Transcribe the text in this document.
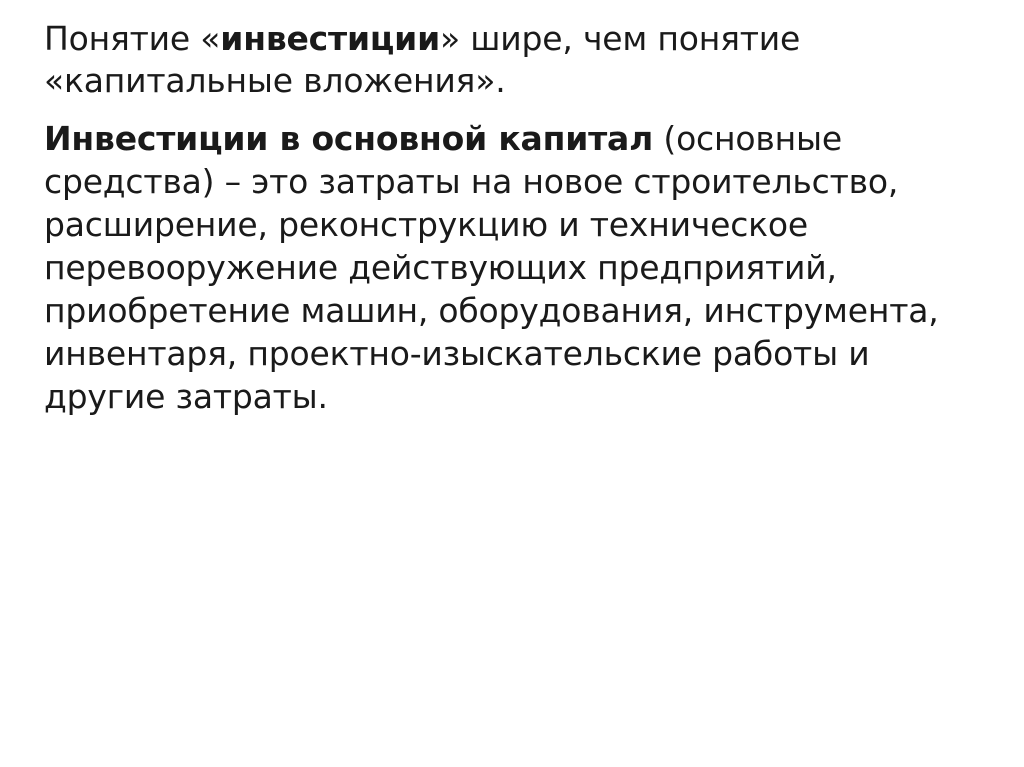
Понятие «инвестиции» шире, чем понятие «капитальные вложения».

Инвестиции в основной капитал (основные средства) – это затраты на новое строительство, расширение, реконструкцию и техническое перевооружение действующих предприятий, приобретение машин, оборудования, инструмента, инвентаря, проектно-изыскательские работы и другие затраты.
